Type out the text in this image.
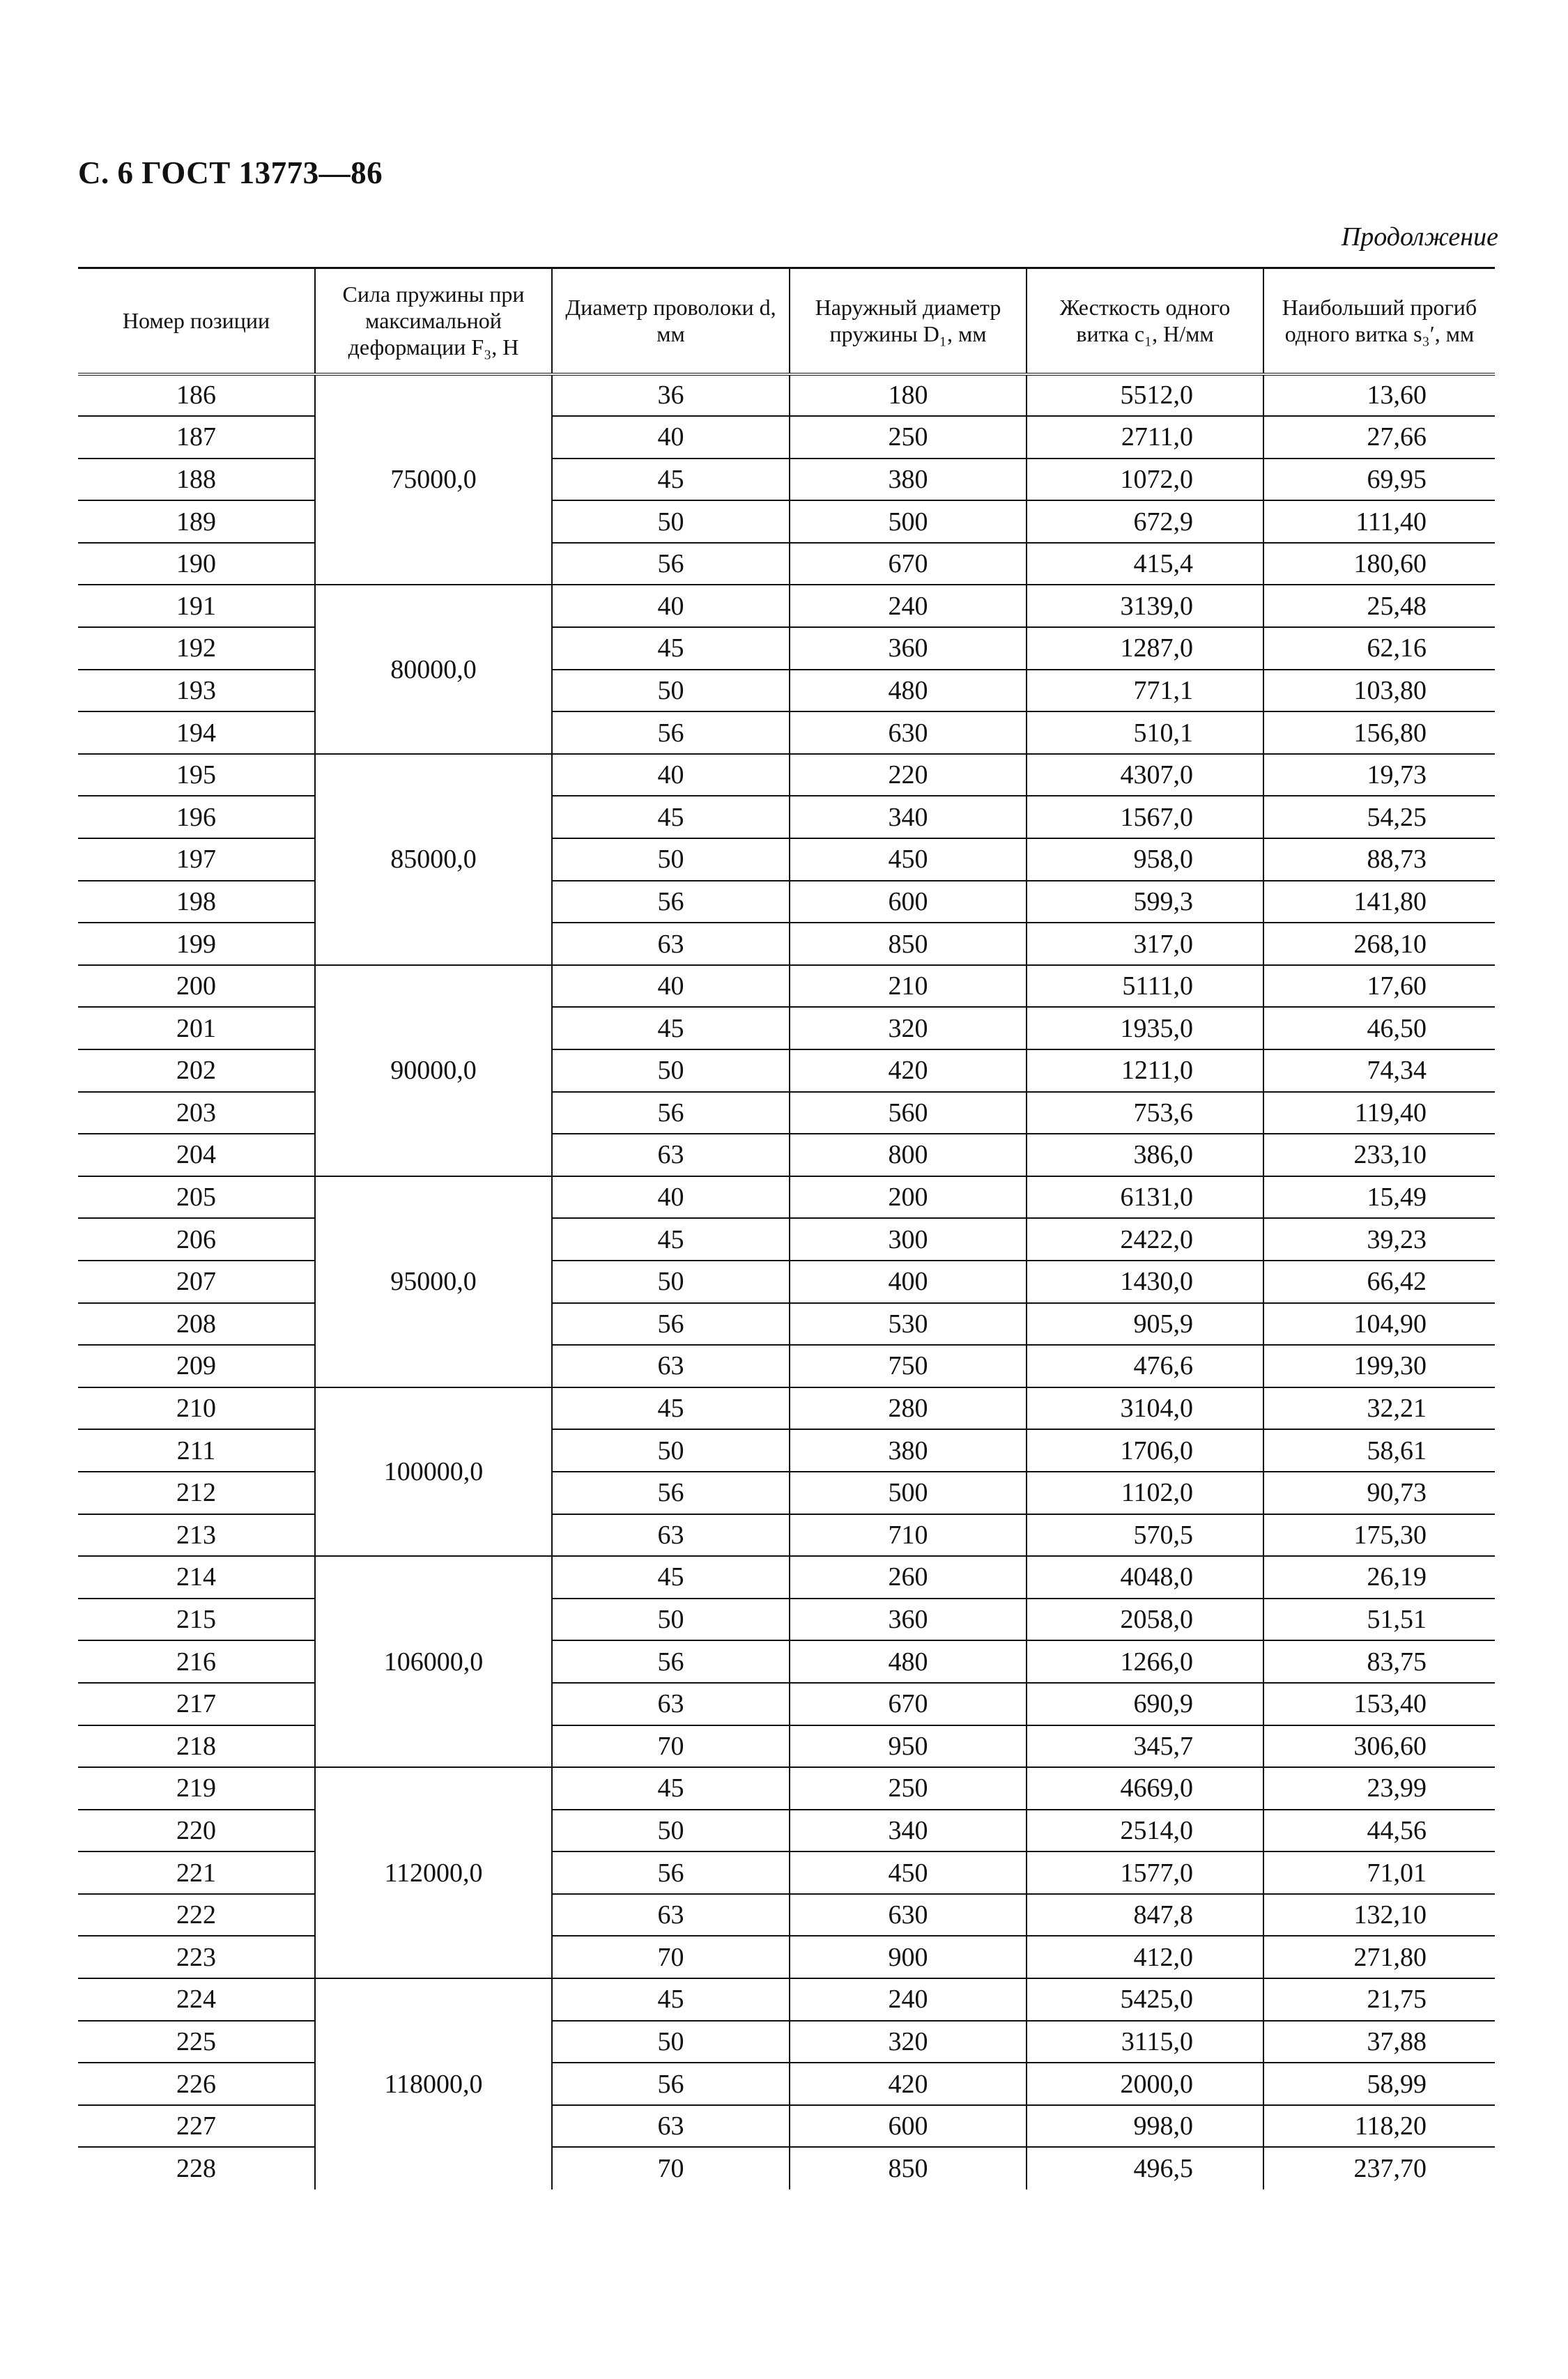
С. 6 ГОСТ 13773—86
Продолжение
Номер позиции	Сила пружины при максимальной деформации F₃, Н	Диаметр проволоки d, мм	Наружный диаметр пружины D₁, мм	Жесткость одного витка c₁, Н/мм	Наибольший прогиб одного витка s₃′, мм
186	75000,0	36	180	5512,0	13,60
187		40	250	2711,0	27,66
188		45	380	1072,0	69,95
189		50	500	672,9	111,40
190		56	670	415,4	180,60
191	80000,0	40	240	3139,0	25,48
192		45	360	1287,0	62,16
193		50	480	771,1	103,80
194		56	630	510,1	156,80
195	85000,0	40	220	4307,0	19,73
196		45	340	1567,0	54,25
197		50	450	958,0	88,73
198		56	600	599,3	141,80
199		63	850	317,0	268,10
200	90000,0	40	210	5111,0	17,60
201		45	320	1935,0	46,50
202		50	420	1211,0	74,34
203		56	560	753,6	119,40
204		63	800	386,0	233,10
205	95000,0	40	200	6131,0	15,49
206		45	300	2422,0	39,23
207		50	400	1430,0	66,42
208		56	530	905,9	104,90
209		63	750	476,6	199,30
210	100000,0	45	280	3104,0	32,21
211		50	380	1706,0	58,61
212		56	500	1102,0	90,73
213		63	710	570,5	175,30
214	106000,0	45	260	4048,0	26,19
215		50	360	2058,0	51,51
216		56	480	1266,0	83,75
217		63	670	690,9	153,40
218		70	950	345,7	306,60
219	112000,0	45	250	4669,0	23,99
220		50	340	2514,0	44,56
221		56	450	1577,0	71,01
222		63	630	847,8	132,10
223		70	900	412,0	271,80
224	118000,0	45	240	5425,0	21,75
225		50	320	3115,0	37,88
226		56	420	2000,0	58,99
227		63	600	998,0	118,20
228		70	850	496,5	237,70
